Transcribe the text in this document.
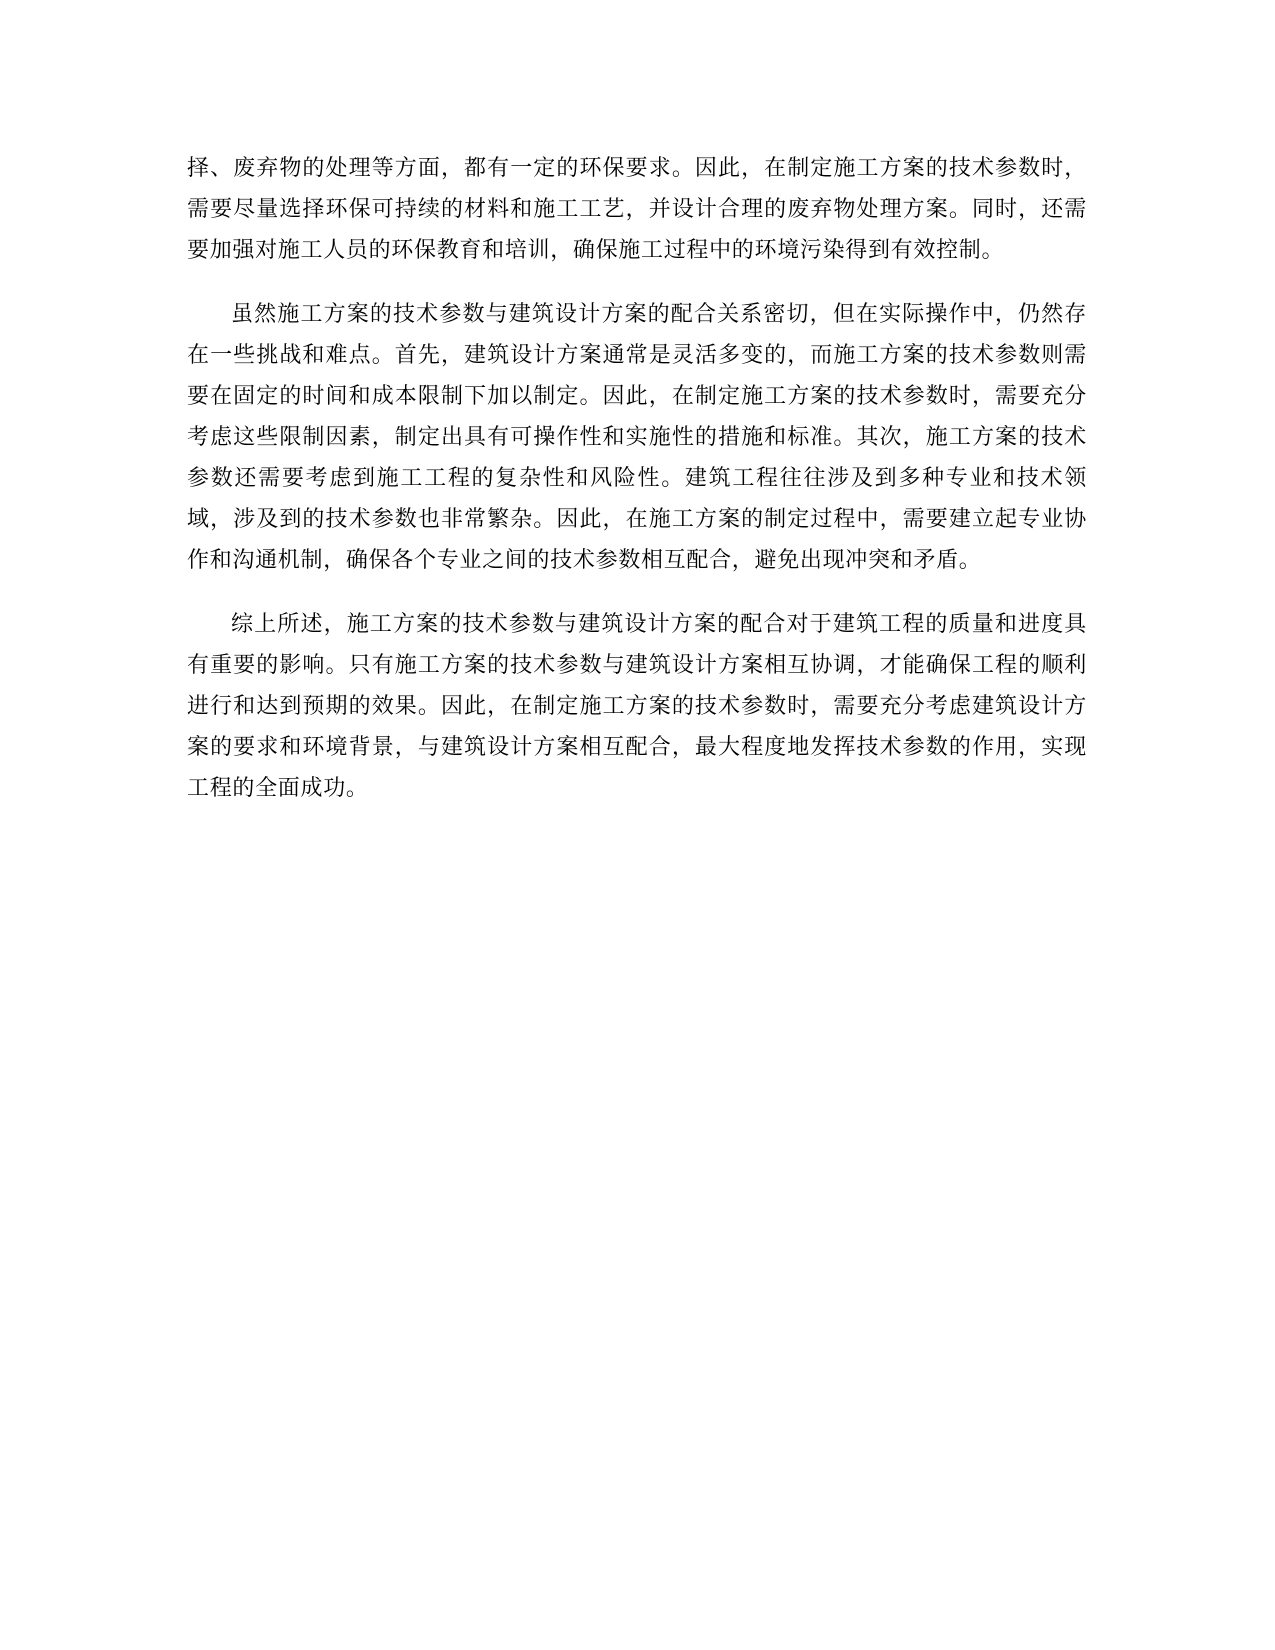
择、废弃物的处理等方面，都有一定的环保要求。因此，在制定施工方案的技术参数时，需要尽量选择环保可持续的材料和施工工艺，并设计合理的废弃物处理方案。同时，还需要加强对施工人员的环保教育和培训，确保施工过程中的环境污染得到有效控制。

虽然施工方案的技术参数与建筑设计方案的配合关系密切，但在实际操作中，仍然存在一些挑战和难点。首先，建筑设计方案通常是灵活多变的，而施工方案的技术参数则需要在固定的时间和成本限制下加以制定。因此，在制定施工方案的技术参数时，需要充分考虑这些限制因素，制定出具有可操作性和实施性的措施和标准。其次，施工方案的技术参数还需要考虑到施工工程的复杂性和风险性。建筑工程往往涉及到多种专业和技术领域，涉及到的技术参数也非常繁杂。因此，在施工方案的制定过程中，需要建立起专业协作和沟通机制，确保各个专业之间的技术参数相互配合，避免出现冲突和矛盾。

综上所述，施工方案的技术参数与建筑设计方案的配合对于建筑工程的质量和进度具有重要的影响。只有施工方案的技术参数与建筑设计方案相互协调，才能确保工程的顺利进行和达到预期的效果。因此，在制定施工方案的技术参数时，需要充分考虑建筑设计方案的要求和环境背景，与建筑设计方案相互配合，最大程度地发挥技术参数的作用，实现工程的全面成功。
